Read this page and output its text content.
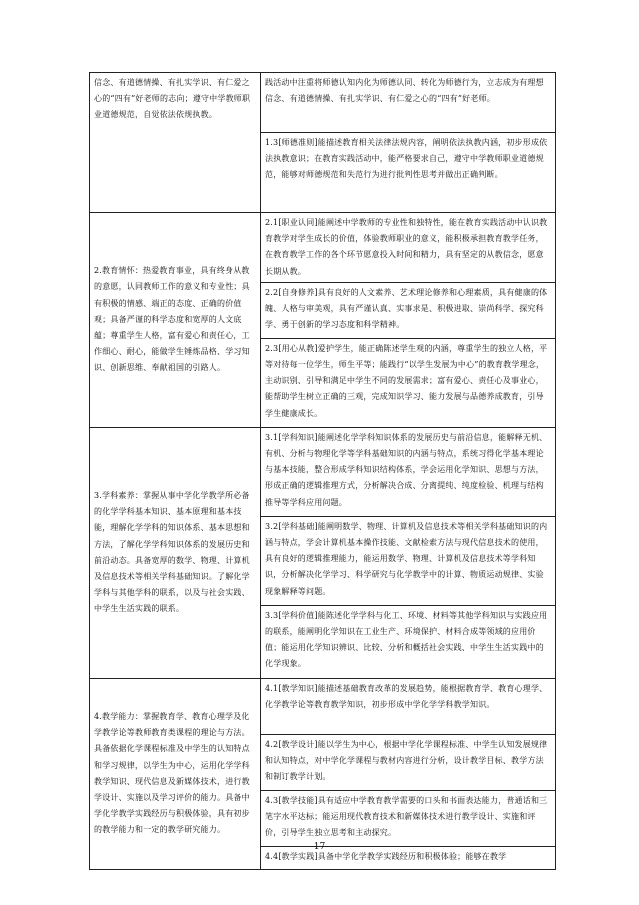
信念、有道德情操、有扎实学识、有仁爱之心的“四有”好老师的志向；遵守中学教师职业道德规范，自觉依法依规执教。	践活动中注重将师德认知内化为师德认同、转化为师德行为，立志成为有理想信念、有道德情操、有扎实学识、有仁爱之心的“四有”好老师。

	1.3[师德准则]能描述教育相关法律法规内容，阐明依法执教内涵，初步形成依法执教意识；在教育实践活动中，能严格要求自己，遵守中学教师职业道德规范，能够对师德规范和失范行为进行批判性思考并做出正确判断。
2.教育情怀：热爱教育事业，具有终身从教的意愿，认同教师工作的意义和专业性；具有积极的情感、端正的态度、正确的价值观；具备严谨的科学态度和宽厚的人文底蕴；尊重学生人格，富有爱心和责任心，工作细心、耐心，能做学生锤炼品格、学习知识、创新思维、奉献祖国的引路人。	2.1[职业认同]能阐述中学教师的专业性和独特性，能在教育实践活动中认识教育教学对学生成长的价值，体验教师职业的意义，能积极承担教育教学任务，在教育教学工作的各个环节愿意投入时间和精力，具有坚定的从教信念，愿意长期从教。
	2.2[自身修养]具有良好的人文素养、艺术理论修养和心理素质，具有健康的体魄、人格与审美观，具有严谨认真、实事求是、积极进取、崇尚科学、探究科学、勇于创新的学习态度和科学精神。
	2.3[用心从教]爱护学生，能正确陈述学生观的内涵，尊重学生的独立人格，平等对待每一位学生，师生平等；能践行“以学生发展为中心”的教育教学理念，主动识别、引导和满足中学生不同的发展需求；富有爱心、责任心及事业心，能帮助学生树立正确的三观，完成知识学习、能力发展与品德养成教育，引导学生健康成长。
3.学科素养：掌握从事中学化学教学所必备的化学学科基本知识、基本原理和基本技能，理解化学学科的知识体系、基本思想和方法，了解化学学科知识体系的发展历史和前沿动态。具备宽厚的数学、物理、计算机及信息技术等相关学科基础知识。了解化学学科与其他学科的联系，以及与社会实践、中学生生活实践的联系。	3.1[学科知识]能阐述化学学科知识体系的发展历史与前沿信息，能解释无机、有机、分析与物理化学等学科基础知识的内涵与特点，系统习得化学基本理论与基本技能，整合形成学科知识结构体系，学会运用化学知识、思想与方法，形成正确的逻辑推理方式，分析解决合成、分离提纯、纯度检验、机理与结构推导等学科应用问题。
	3.2[学科基础]能阐明数学、物理、计算机及信息技术等相关学科基础知识的内涵与特点，学会计算机基本操作技能、文献检索方法与现代信息技术的使用，具有良好的逻辑推理能力，能运用数学、物理、计算机及信息技术等学科知识，分析解决化学学习、科学研究与化学教学中的计算、物质运动规律、实验现象解释等问题。
	3.3[学科价值]能陈述化学学科与化工、环境、材料等其他学科知识与实践应用的联系，能阐明化学知识在工业生产、环境保护、材料合成等领域的应用价值；能运用化学知识辨识、比较、分析和概括社会实践、中学生生活实践中的化学现象。
4.教学能力：掌握教育学、教育心理学及化学教学论等教师教育类课程的理论与方法。具备依据化学课程标准及中学生的认知特点和学习规律，以学生为中心，运用化学学科教学知识、现代信息及新媒体技术，进行教学设计、实施以及学习评价的能力。具备中学化学教学实践经历与积极体验，具有初步的教学能力和一定的教学研究能力。	4.1[教学知识]能描述基础教育改革的发展趋势，能根据教育学、教育心理学、化学教学论等教育教学知识，初步形成中学化学学科教学知识。
	4.2[教学设计]能以学生为中心，根据中学化学课程标准、中学生认知发展规律和认知特点，对中学化学课程与教材内容进行分析，设计教学目标、教学方法和制订教学计划。
	4.3[教学技能]具有适应中学教育教学需要的口头和书面表达能力，普通话和三笔字水平达标；能运用现代教育技术和新媒体技术进行教学设计、实施和评价，引导学生独立思考和主动探究。
	4.4[教学实践]具备中学化学教学实践经历和积极体验；能够在教学
17
